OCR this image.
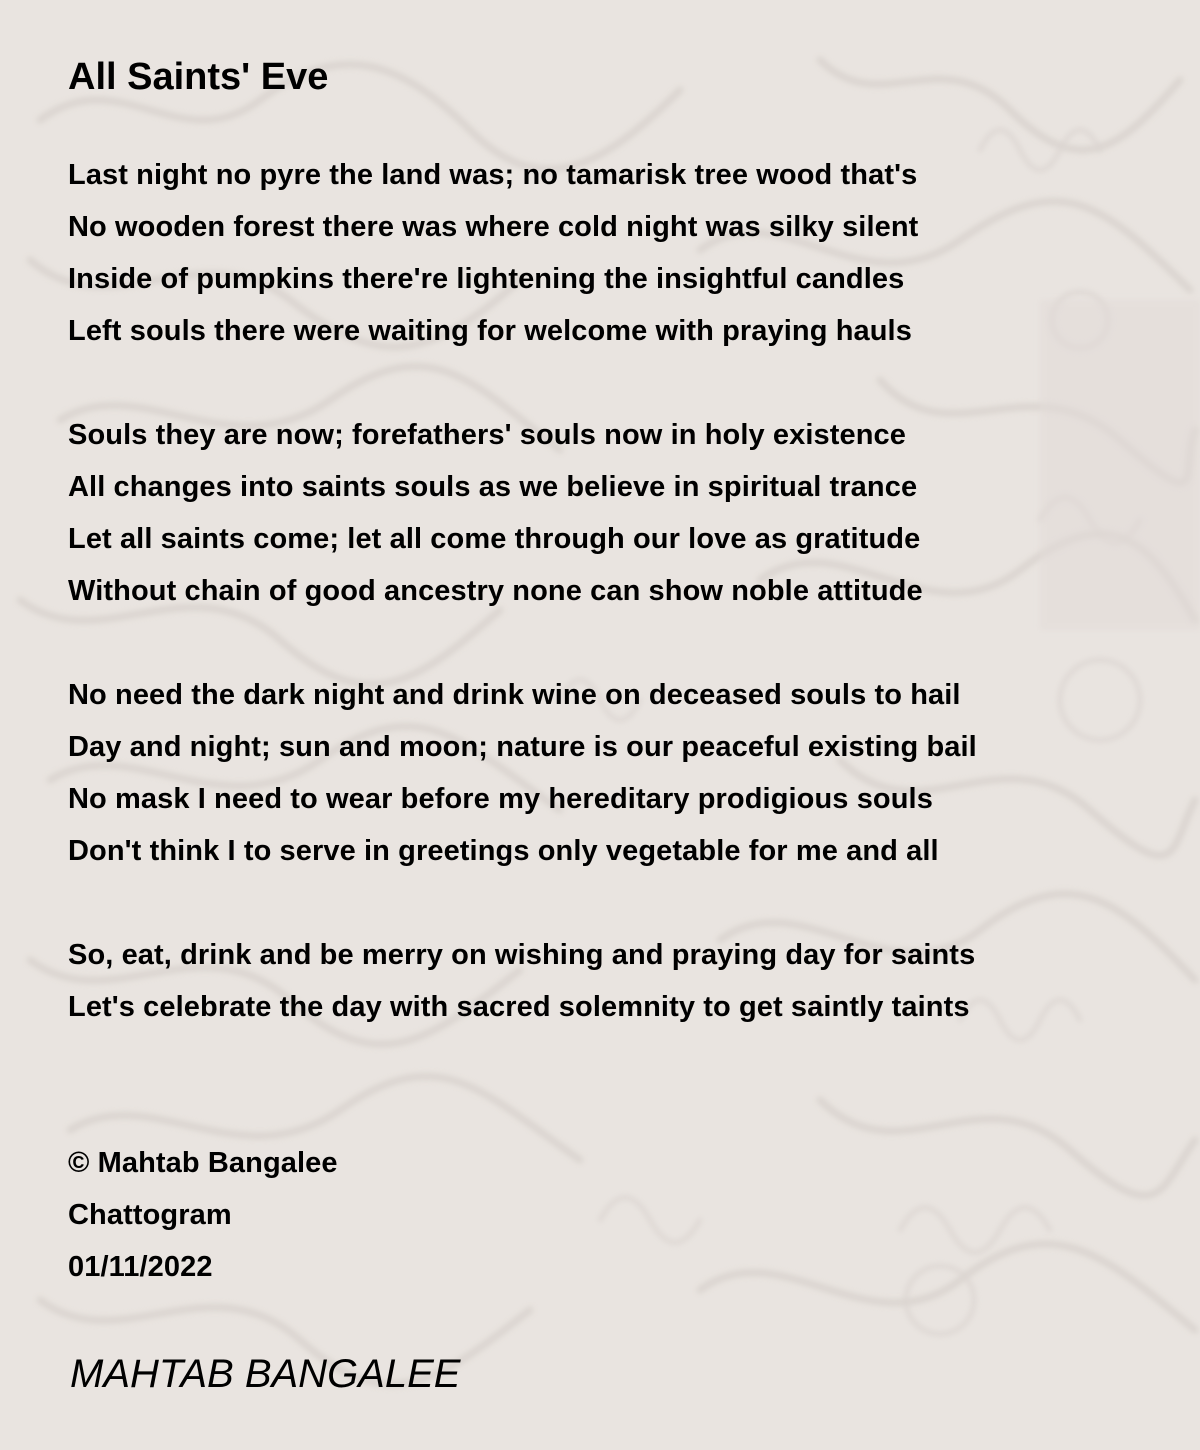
All Saints' Eve
Last night no pyre the land was; no tamarisk tree wood that's
No wooden forest there was where cold night was silky silent
Inside of pumpkins there're lightening the insightful candles
Left souls there were waiting for welcome with praying hauls
Souls they are now; forefathers' souls now in holy existence
All changes into saints souls as we believe in spiritual trance
Let all saints come; let all come through our love as gratitude
Without chain of good ancestry none can show noble attitude
No need the dark night and drink wine on deceased souls to hail
Day and night; sun and moon; nature is our peaceful existing bail
No mask I need to wear before my hereditary prodigious souls
Don't think I to serve in greetings only vegetable for me and all
So, eat, drink and be merry on wishing and praying day for saints
Let's celebrate the day with sacred solemnity to get saintly taints
© Mahtab Bangalee
Chattogram
01/11/2022
MAHTAB BANGALEE
